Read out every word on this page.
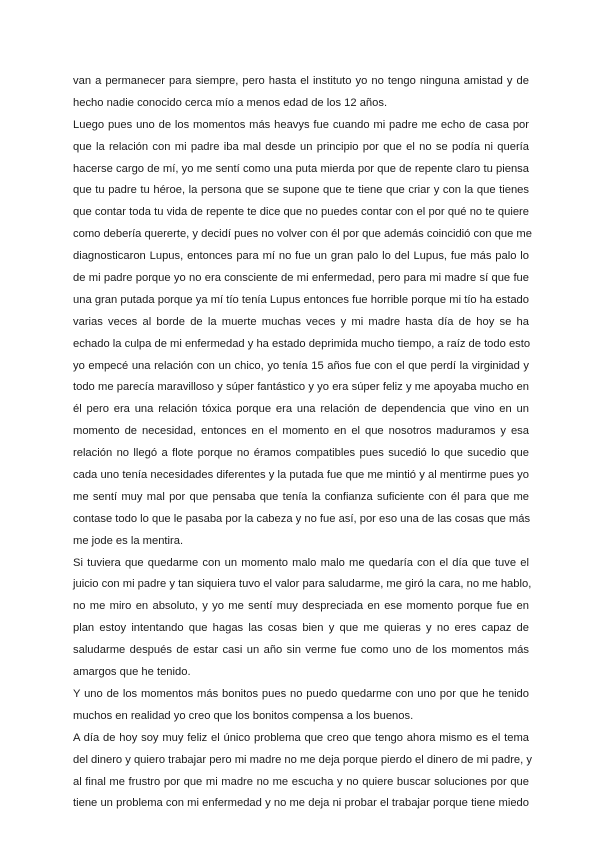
van a permanecer para siempre, pero hasta el instituto yo no tengo ninguna amistad y de
hecho nadie conocido cerca mío a menos edad de los 12 años.
Luego pues uno de los momentos más heavys fue cuando mi padre me echo de casa por
que la relación con mi padre iba mal desde un principio por que el no se podía ni quería
hacerse cargo de mí, yo me sentí como una puta mierda por que de repente claro tu piensa
que tu padre tu héroe, la persona que se supone que te tiene que criar y con la que tienes
que contar toda tu vida de repente te dice que no puedes contar con el por qué no te quiere
como debería quererte, y decidí pues no volver con él por que además coincidió con que me
diagnosticaron Lupus, entonces para mí no fue un gran palo lo del Lupus, fue más palo lo
de mi padre porque yo no era consciente de mi enfermedad, pero para mi madre sí que fue
una gran putada porque ya mí tío tenía Lupus entonces fue horrible porque mi tío ha estado
varias veces al borde de la muerte muchas veces y mi madre hasta día de hoy se ha
echado la culpa de mi enfermedad y ha estado deprimida mucho tiempo, a raíz de todo esto
yo empecé una relación con un chico, yo tenía 15 años fue con el que perdí la virginidad y
todo me parecía maravilloso y súper fantástico y yo era súper feliz y me apoyaba mucho en
él pero era una relación tóxica porque era una relación de dependencia que vino en un
momento de necesidad, entonces en el momento en el que nosotros maduramos y esa
relación no llegó a flote porque no éramos compatibles pues sucedió lo que sucedio que
cada uno tenía necesidades diferentes y la putada fue que me mintió y al mentirme pues yo
me sentí muy mal por que pensaba que tenía la confianza suficiente con él para que me
contase todo lo que le pasaba por la cabeza y no fue así, por eso una de las cosas que más
me jode es la mentira.
Si tuviera que quedarme con un momento malo malo me quedaría con el día que tuve el
juicio con mi padre y tan siquiera tuvo el valor para saludarme, me giró la cara, no me hablo,
no me miro en absoluto, y yo me sentí muy despreciada en ese momento porque fue en
plan estoy intentando que hagas las cosas bien y que me quieras y no eres capaz de
saludarme después de estar casi un año sin verme fue como uno de los momentos más
amargos que he tenido.
Y uno de los momentos más bonitos pues no puedo quedarme con uno por que he tenido
muchos en realidad yo creo que los bonitos compensa a los buenos.
A día de hoy soy muy feliz el único problema que creo que tengo ahora mismo es el tema
del dinero y quiero trabajar pero mi madre no me deja porque pierdo el dinero de mi padre, y
al final me frustro por que mi madre no me escucha y no quiere buscar soluciones por que
tiene un problema con mi enfermedad y no me deja ni probar el trabajar porque tiene miedo
